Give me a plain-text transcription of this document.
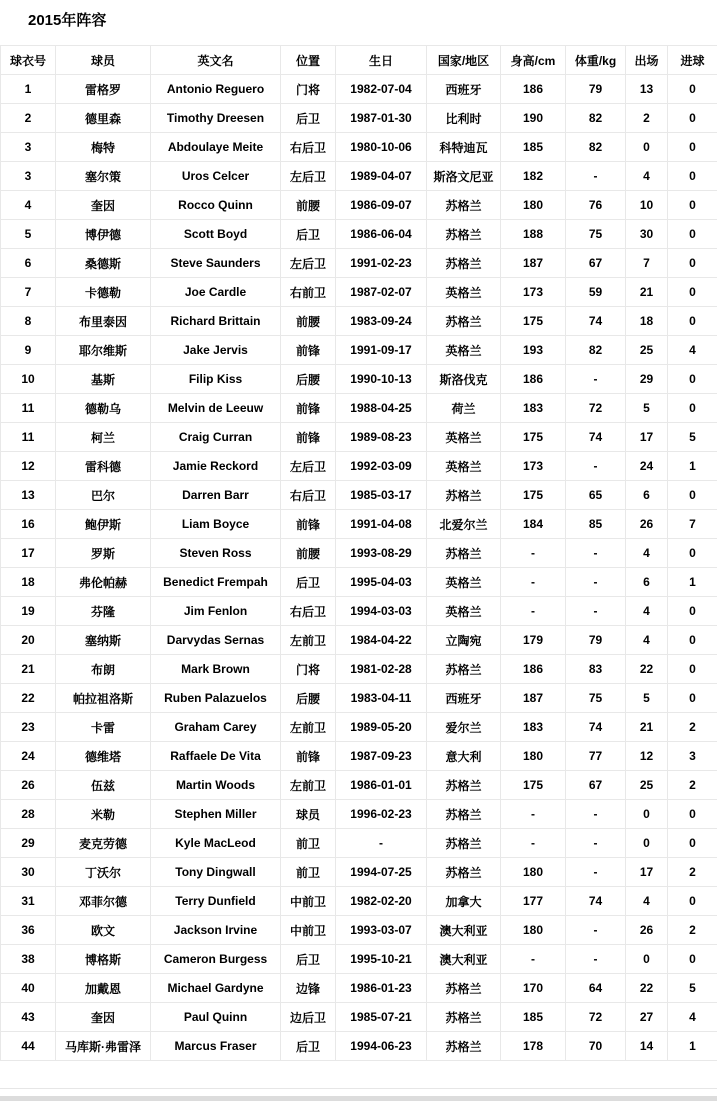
2015年阵容
球衣号	球员	英文名	位置	生日	国家/地区	身高/cm	体重/kg	出场	进球
1	雷格罗	Antonio Reguero	门将	1982-07-04	西班牙	186	79	13	0
2	德里森	Timothy Dreesen	后卫	1987-01-30	比利时	190	82	2	0
3	梅特	Abdoulaye Meite	右后卫	1980-10-06	科特迪瓦	185	82	0	0
3	塞尔策	Uros Celcer	左后卫	1989-04-07	斯洛文尼亚	182	-	4	0
4	奎因	Rocco Quinn	前腰	1986-09-07	苏格兰	180	76	10	0
5	博伊德	Scott Boyd	后卫	1986-06-04	苏格兰	188	75	30	0
6	桑德斯	Steve Saunders	左后卫	1991-02-23	苏格兰	187	67	7	0
7	卡德勒	Joe Cardle	右前卫	1987-02-07	英格兰	173	59	21	0
8	布里泰因	Richard Brittain	前腰	1983-09-24	苏格兰	175	74	18	0
9	耶尔维斯	Jake Jervis	前锋	1991-09-17	英格兰	193	82	25	4
10	基斯	Filip Kiss	后腰	1990-10-13	斯洛伐克	186	-	29	0
11	德勒乌	Melvin de Leeuw	前锋	1988-04-25	荷兰	183	72	5	0
11	柯兰	Craig Curran	前锋	1989-08-23	英格兰	175	74	17	5
12	雷科德	Jamie Reckord	左后卫	1992-03-09	英格兰	173	-	24	1
13	巴尔	Darren Barr	右后卫	1985-03-17	苏格兰	175	65	6	0
16	鲍伊斯	Liam Boyce	前锋	1991-04-08	北爱尔兰	184	85	26	7
17	罗斯	Steven Ross	前腰	1993-08-29	苏格兰	-	-	4	0
18	弗伦帕赫	Benedict Frempah	后卫	1995-04-03	英格兰	-	-	6	1
19	芬隆	Jim Fenlon	右后卫	1994-03-03	英格兰	-	-	4	0
20	塞纳斯	Darvydas Sernas	左前卫	1984-04-22	立陶宛	179	79	4	0
21	布朗	Mark Brown	门将	1981-02-28	苏格兰	186	83	22	0
22	帕拉祖洛斯	Ruben Palazuelos	后腰	1983-04-11	西班牙	187	75	5	0
23	卡雷	Graham Carey	左前卫	1989-05-20	爱尔兰	183	74	21	2
24	德维塔	Raffaele De Vita	前锋	1987-09-23	意大利	180	77	12	3
26	伍兹	Martin Woods	左前卫	1986-01-01	苏格兰	175	67	25	2
28	米勒	Stephen Miller	球员	1996-02-23	苏格兰	-	-	0	0
29	麦克劳德	Kyle MacLeod	前卫	-	苏格兰	-	-	0	0
30	丁沃尔	Tony Dingwall	前卫	1994-07-25	苏格兰	180	-	17	2
31	邓菲尔德	Terry Dunfield	中前卫	1982-02-20	加拿大	177	74	4	0
36	欧文	Jackson Irvine	中前卫	1993-03-07	澳大利亚	180	-	26	2
38	博格斯	Cameron Burgess	后卫	1995-10-21	澳大利亚	-	-	0	0
40	加戴恩	Michael Gardyne	边锋	1986-01-23	苏格兰	170	64	22	5
43	奎因	Paul Quinn	边后卫	1985-07-21	苏格兰	185	72	27	4
44	马库斯·弗雷泽	Marcus Fraser	后卫	1994-06-23	苏格兰	178	70	14	1
